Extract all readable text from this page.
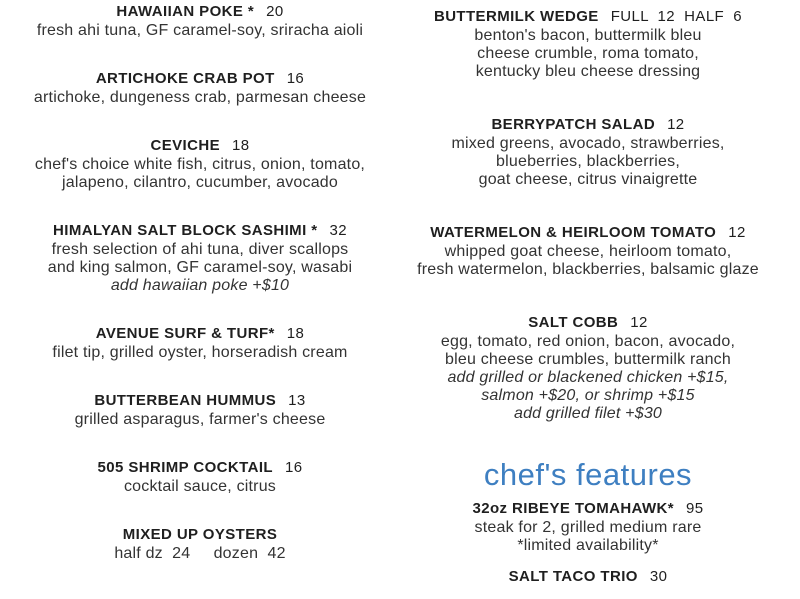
HAWAIIAN POKE * 20
fresh ahi tuna, GF caramel-soy, sriracha aioli
ARTICHOKE CRAB POT 16
artichoke, dungeness crab, parmesan cheese
CEVICHE 18
chef's choice white fish, citrus, onion, tomato,
jalapeno, cilantro, cucumber, avocado
HIMALYAN SALT BLOCK SASHIMI * 32
fresh selection of ahi tuna, diver scallops
and king salmon, GF caramel-soy, wasabi
add hawaiian poke +$10
AVENUE SURF & TURF* 18
filet tip, grilled oyster, horseradish cream
BUTTERBEAN HUMMUS 13
grilled asparagus, farmer's cheese
505 SHRIMP COCKTAIL 16
cocktail sauce, citrus
MIXED UP OYSTERS
half dz  24     dozen  42
BUTTERMILK WEDGE FULL  12  HALF  6
benton's bacon, buttermilk bleu
cheese crumble, roma tomato,
kentucky bleu cheese dressing
BERRYPATCH SALAD 12
mixed greens, avocado, strawberries,
blueberries, blackberries,
goat cheese, citrus vinaigrette
WATERMELON & HEIRLOOM TOMATO 12
whipped goat cheese, heirloom tomato,
fresh watermelon, blackberries, balsamic glaze
SALT COBB 12
egg, tomato, red onion, bacon, avocado,
bleu cheese crumbles, buttermilk ranch
add grilled or blackened chicken +$15,
salmon +$20, or shrimp +$15
add grilled filet +$30
chef's features
32oz RIBEYE TOMAHAWK* 95
steak for 2, grilled medium rare
*limited availability*
SALT TACO TRIO 30
